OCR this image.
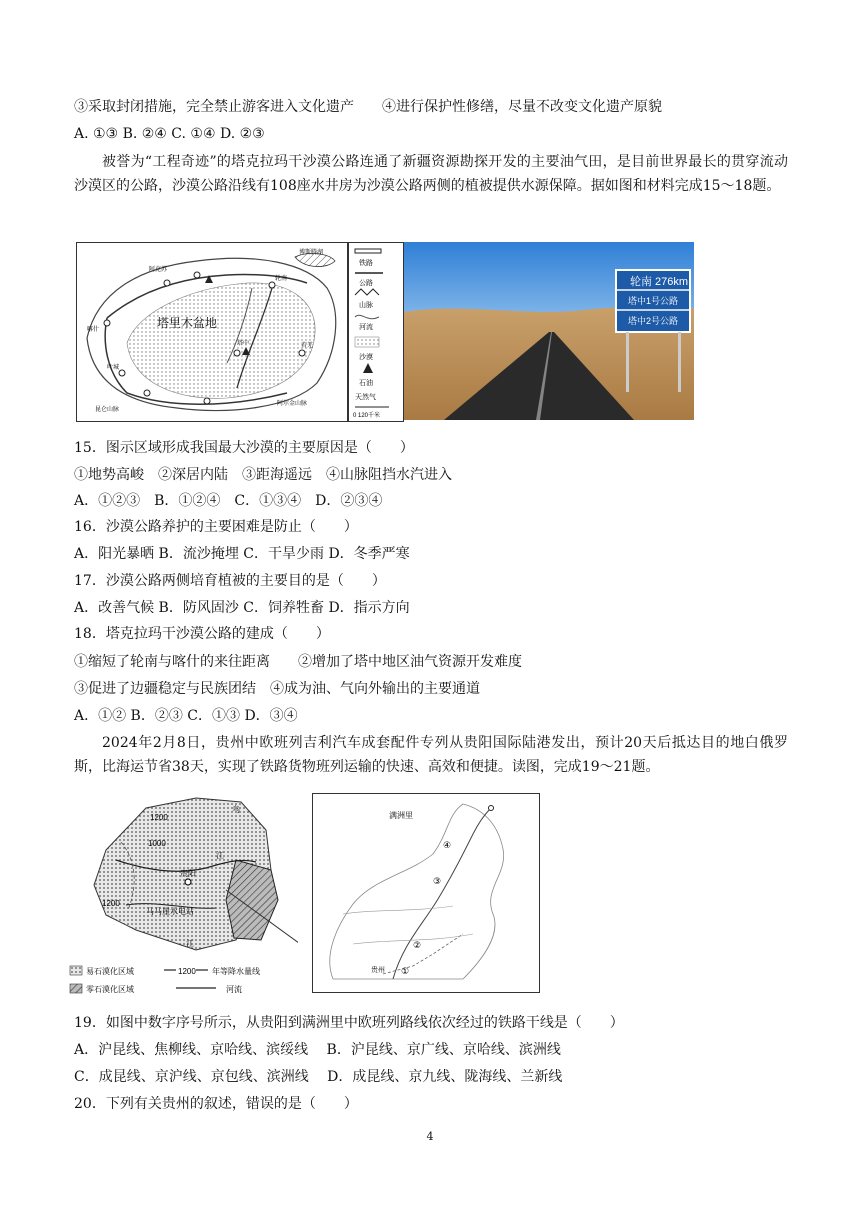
③采取封闭措施，完全禁止游客进入文化遗产　　④进行保护性修缮，尽量不改变文化遗产原貌
A. ①③ B. ②④ C. ①④ D. ②③
被誉为“工程奇迹”的塔克拉玛干沙漠公路连通了新疆资源勘探开发的主要油气田，是目前世界最长的贯穿流动沙漠区的公路，沙漠公路沿线有108座水井房为沙漠公路两侧的植被提供水源保障。据如图和材料完成15～18题。
塔里木盆地
阿克苏
轮南
塔中
喀什
叶城
若羌
博斯腾湖
昆仑山脉
阿尔金山脉
铁路
公路
山脉
河流
沙漠
石油
天然气
0 120千米
轮南 276km
塔中1号公路
塔中2号公路
15．图示区域形成我国最大沙漠的主要原因是（　　）
①地势高峻　②深居内陆　③距海遥远　④山脉阻挡水汽进入
A．①②③　B．①②④　C．①③④　D．②③④
16．沙漠公路养护的主要困难是防止（　　）
A．阳光暴晒 B．流沙掩埋 C．干旱少雨 D．冬季严寒
17．沙漠公路两侧培育植被的主要目的是（　　）
A．改善气候 B．防风固沙 C．饲养牲畜 D．指示方向
18．塔克拉玛干沙漠公路的建成（　　）
①缩短了轮南与喀什的来往距离　　②增加了塔中地区油气资源开发难度
③促进了边疆稳定与民族团结　④成为油、气向外输出的主要通道
A．①② B．②③ C．①③ D．③④
2024年2月8日，贵州中欧班列吉利汽车成套配件专列从贵阳国际陆港发出，预计20天后抵达目的地白俄罗斯，比海运节省38天，实现了铁路货物班列运输的快速、高效和便捷。读图，完成19～21题。
1200
1000
1200
贵阳
江
马马崖水电站
乌
江
易石漠化区域	1200 年等降水量线
零石漠化区域	河流
满洲里
④
③
②
①
贵州
19．如图中数字序号所示，从贵阳到满洲里中欧班列路线依次经过的铁路干线是（　　）
A．沪昆线、焦柳线、京哈线、滨绥线　 B．沪昆线、京广线、京哈线、滨洲线
C．成昆线、京沪线、京包线、滨洲线　 D．成昆线、京九线、陇海线、兰新线
20．下列有关贵州的叙述，错误的是（　　）
4
